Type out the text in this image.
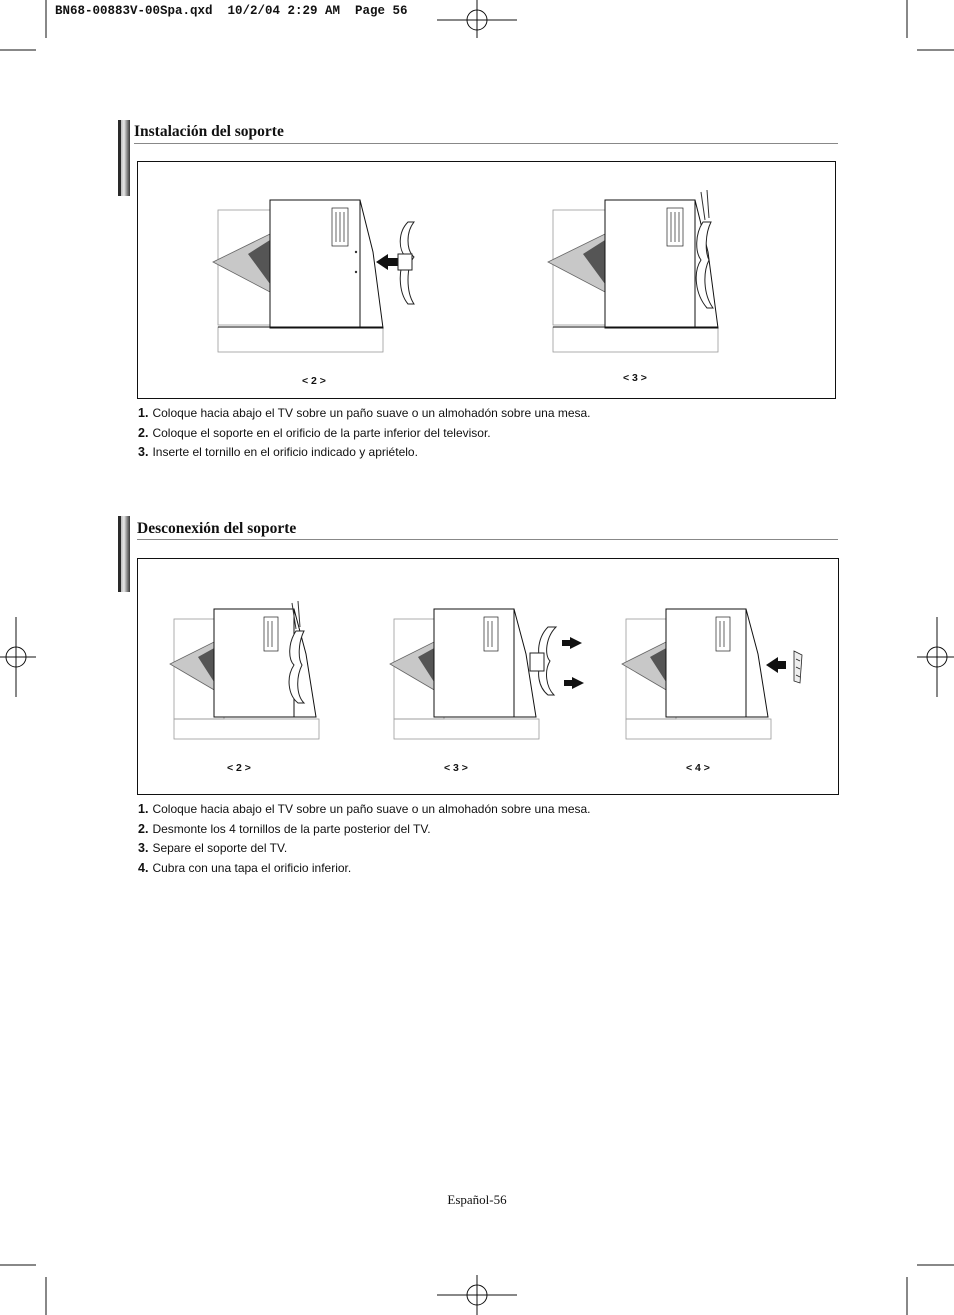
BN68-00883V-00Spa.qxd  10/2/04 2:29 AM  Page 56
Instalación del soporte
< 2 >	< 3 >
1. Coloque hacia abajo el TV sobre un paño suave o un almohadón sobre una mesa.
2. Coloque el soporte en el orificio de la parte inferior del televisor.
3. Inserte el tornillo en el orificio indicado y apriételo.
Desconexión del soporte
< 2 >	< 3 >	< 4 >
1. Coloque hacia abajo el TV sobre un paño suave o un almohadón sobre una mesa.
2. Desmonte los 4 tornillos de la parte posterior del TV.
3. Separe el soporte del TV.
4. Cubra con una tapa el orificio inferior.
Español-56
